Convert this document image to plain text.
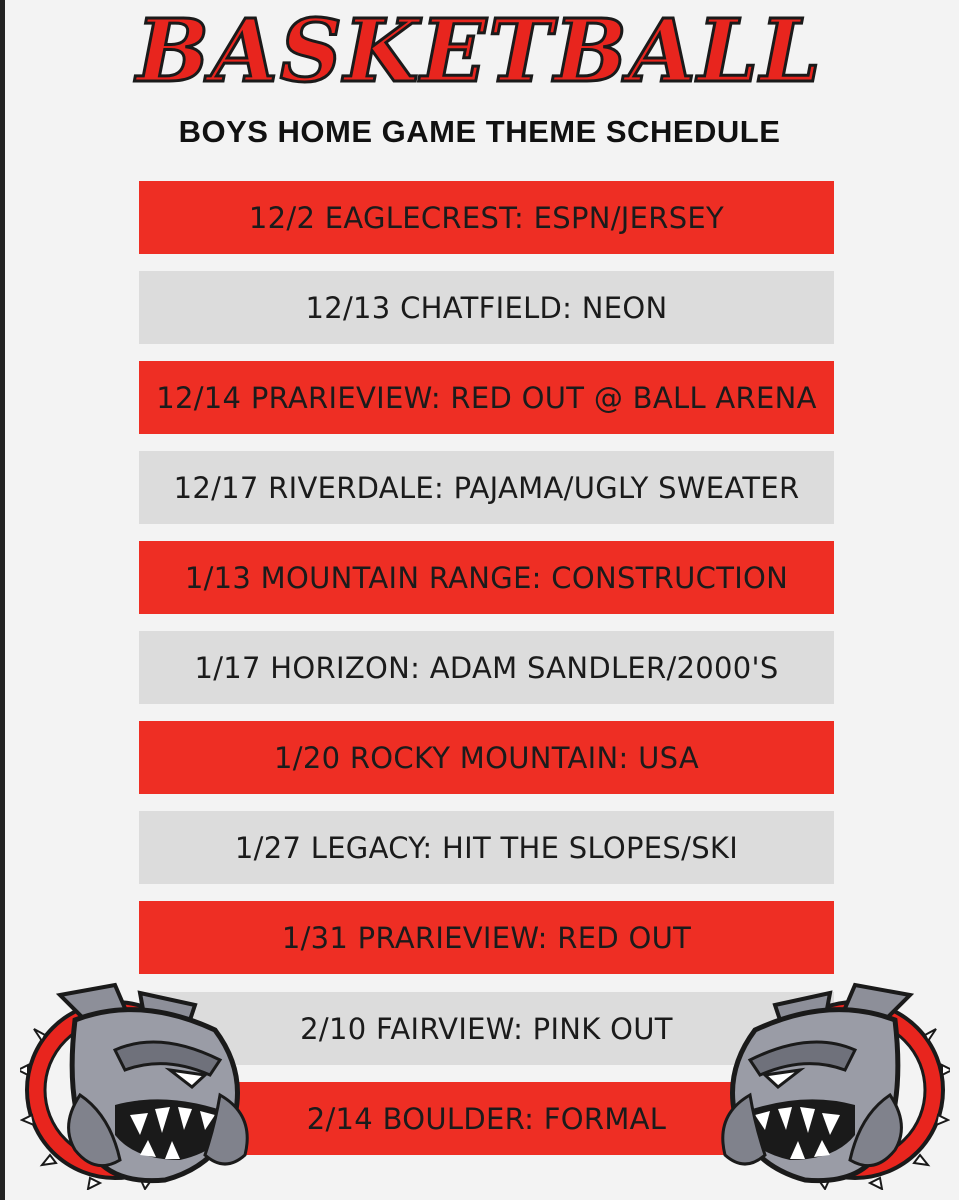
BASKETBALL
BOYS HOME GAME THEME SCHEDULE
12/2 EAGLECREST: ESPN/JERSEY
12/13 CHATFIELD: NEON
12/14 PRARIEVIEW: RED OUT @ BALL ARENA
12/17 RIVERDALE: PAJAMA/UGLY SWEATER
1/13 MOUNTAIN RANGE: CONSTRUCTION
1/17 HORIZON: ADAM SANDLER/2000'S
1/20 ROCKY MOUNTAIN: USA
1/27 LEGACY: HIT THE SLOPES/SKI
1/31 PRARIEVIEW: RED OUT
2/10 FAIRVIEW: PINK OUT
2/14 BOULDER: FORMAL
